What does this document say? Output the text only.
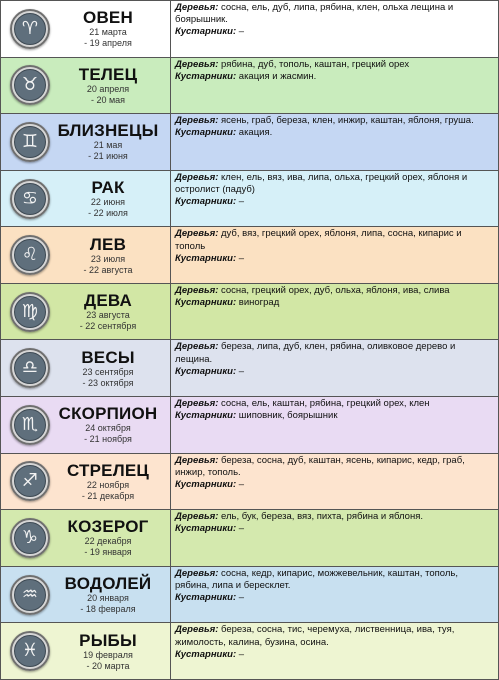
♈	ОВЕН
21 марта
- 19 апреля
Деревья: сосна, ель, дуб, липа, рябина, клен, ольха лещина и боярышник.
Кустарники: –
♉	ТЕЛЕЦ
20 апреля
- 20 мая
Деревья: рябина, дуб, тополь, каштан, грецкий орех
Кустарники: акация и жасмин.
♊	БЛИЗНЕЦЫ
21 мая
- 21 июня
Деревья: ясень, граб, береза, клен, инжир, каштан, яблоня, груша.
Кустарники: акация.
♋	РАК
22 июня
- 22 июля
Деревья: клен, ель, вяз, ива, липа, ольха, грецкий орех, яблоня и остролист (падуб)
Кустарники: –
♌	ЛЕВ
23 июля
- 22 августа
Деревья: дуб, вяз, грецкий орех, яблоня, липа, сосна, кипарис и тополь
Кустарники: –
♍	ДЕВА
23 августа
- 22 сентября
Деревья: сосна, грецкий орех, дуб, ольха, яблоня, ива, слива
Кустарники: виноград
♎	ВЕСЫ
23 сентября
- 23 октября
Деревья: береза, липа, дуб, клен, рябина, оливковое дерево и лещина.
Кустарники: –
♏	СКОРПИОН
24 октября
- 21 ноября
Деревья: сосна, ель, каштан, рябина, грецкий орех, клен
Кустарники: шиповник, боярышник
♐	СТРЕЛЕЦ
22 ноября
- 21 декабря
Деревья: береза, сосна, дуб, каштан, ясень, кипарис, кедр, граб, инжир, тополь.
Кустарники: –
♑	КОЗЕРОГ
22 декабря
- 19 января
Деревья: ель, бук, береза, вяз, пихта, рябина и яблоня.
Кустарники: –
♒	ВОДОЛЕЙ
20 января
- 18 февраля
Деревья: сосна, кедр, кипарис, можжевельник, каштан, тополь, рябина, липа и бересклет.
Кустарники: –
♓	РЫБЫ
19 февраля
- 20 марта
Деревья: береза, сосна, тис, черемуха, лиственница, ива, туя, жимолость, калина, бузина, осина.
Кустарники: –
